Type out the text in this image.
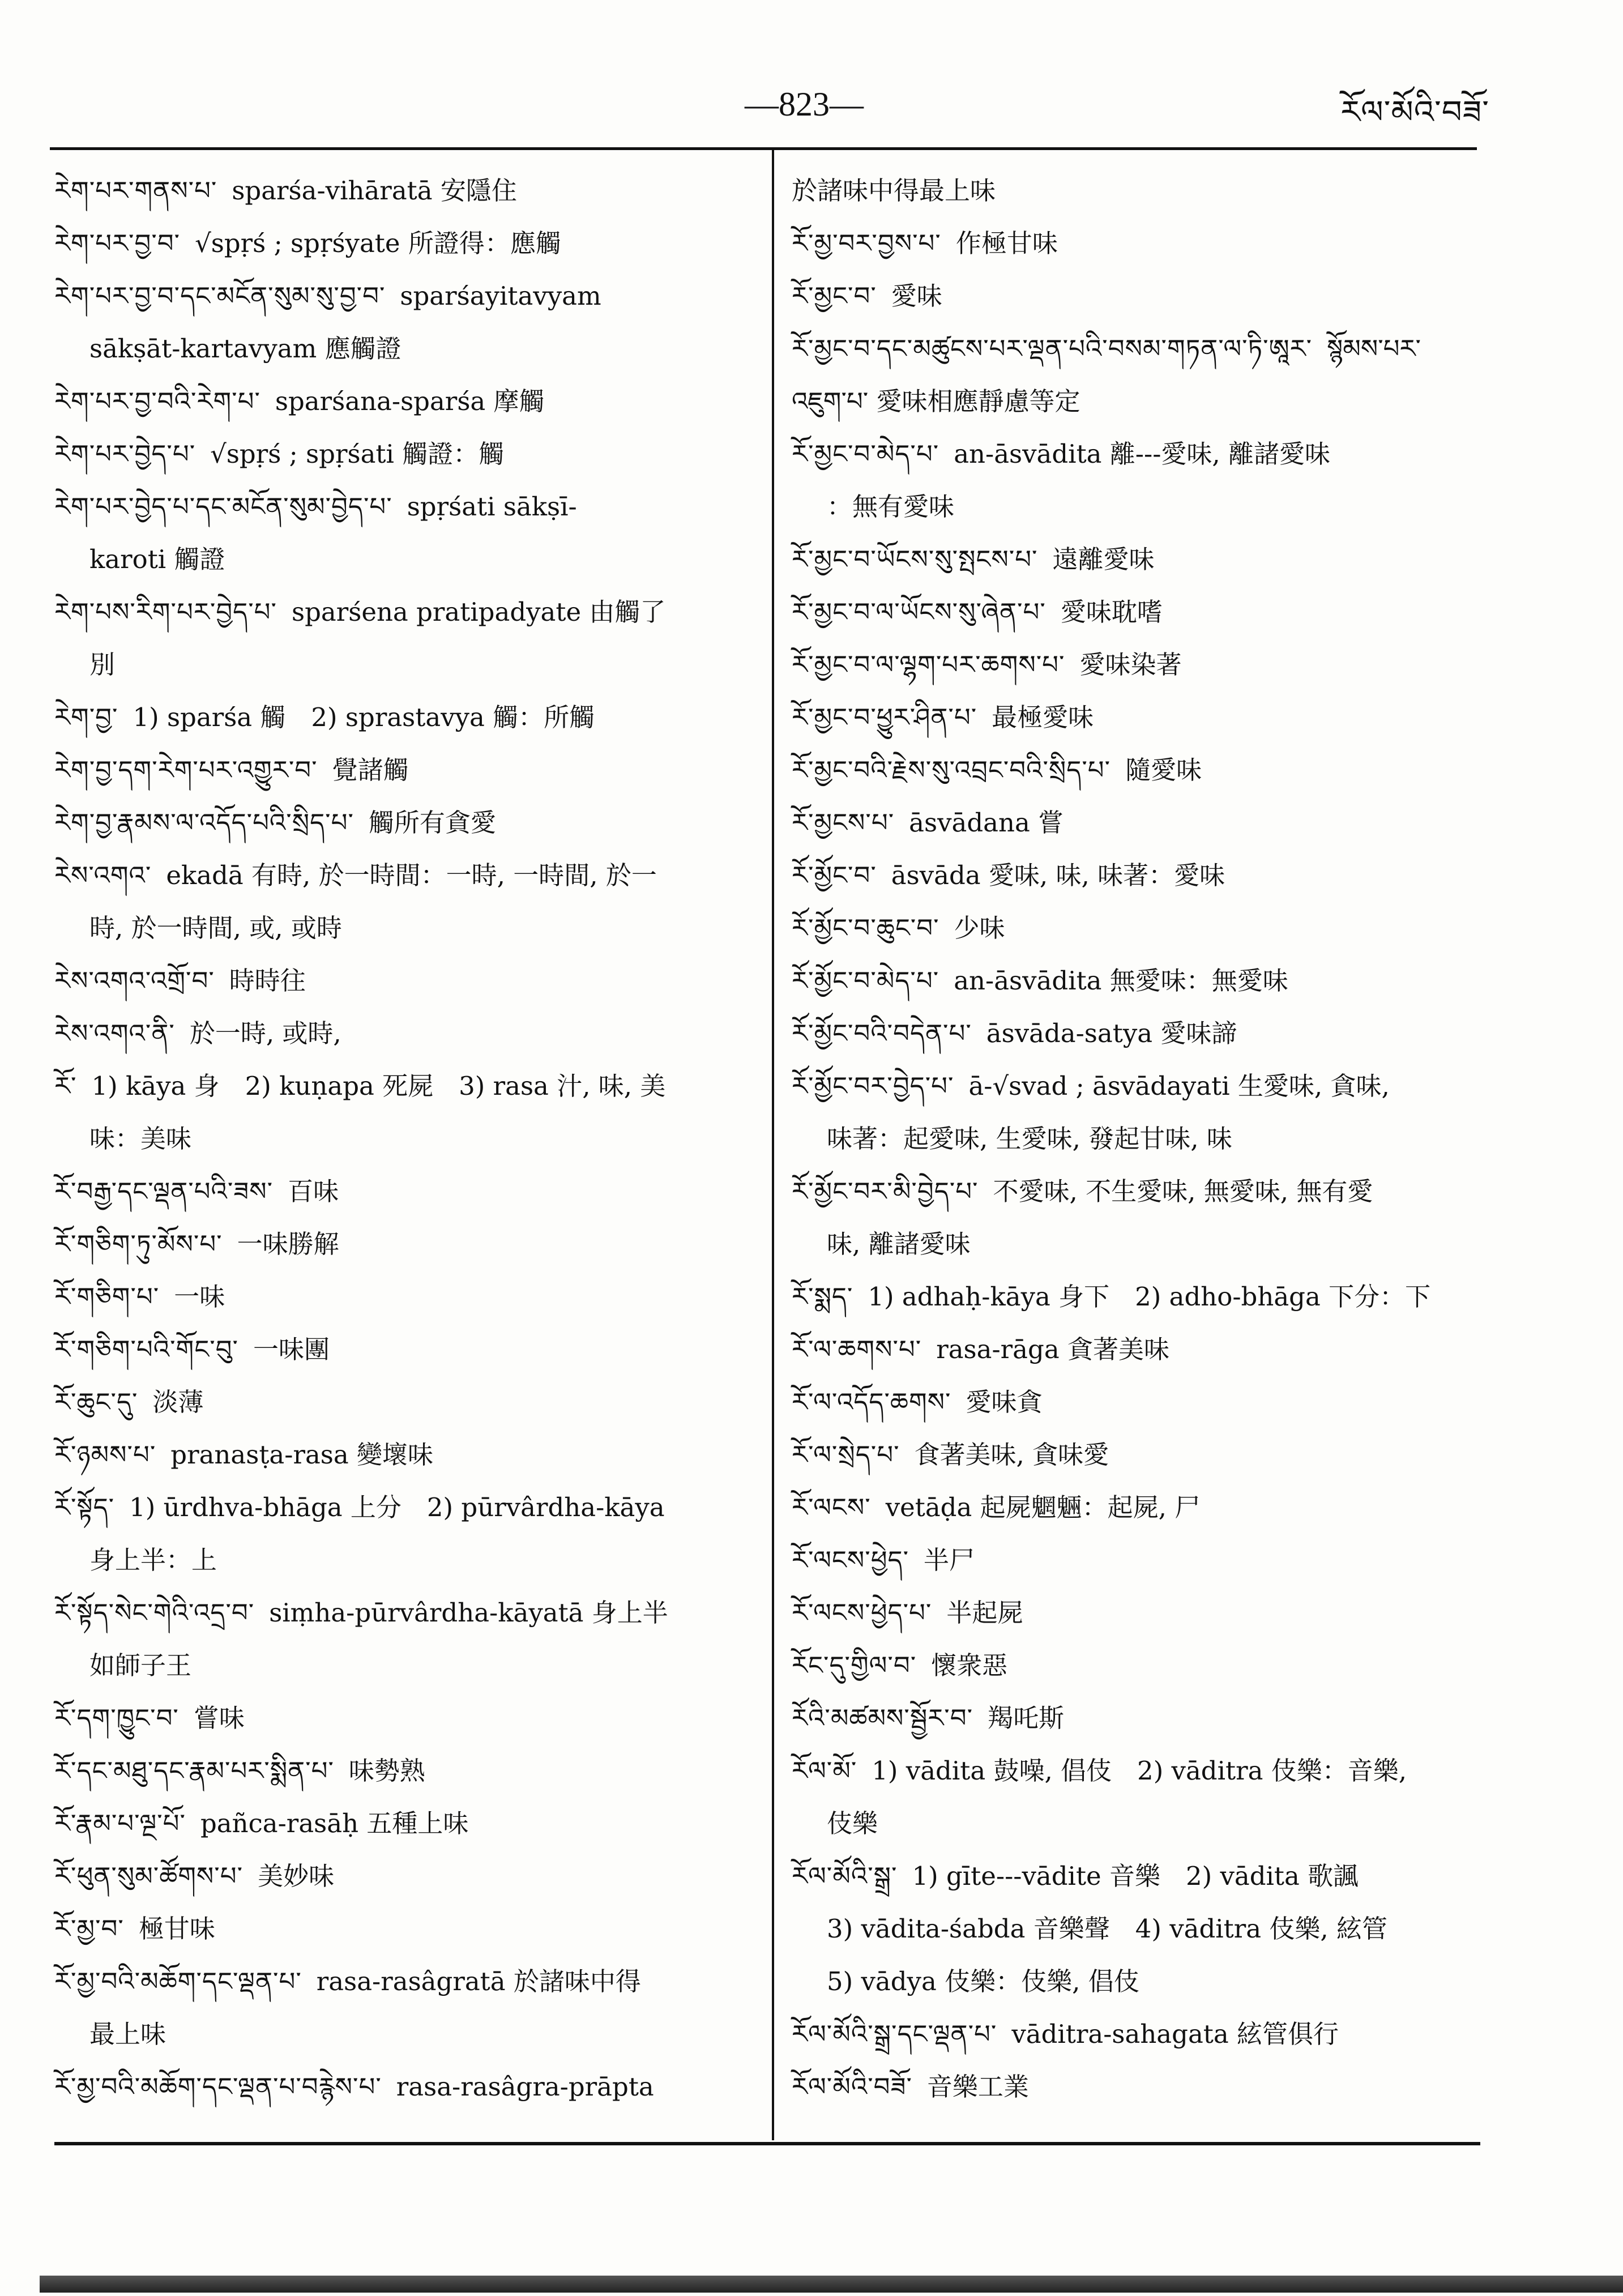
—823—	རོལ་མོའི་བཟོ་
རེག་པར་གནས་པ་ sparśa-vihāratā 安隱住
རེག་པར་བྱ་བ་ √spṛś ; spṛśyate 所證得：應觸
རེག་པར་བྱ་བ་དང་མངོན་སུམ་སུ་བྱ་བ་ sparśayitavyam
sākṣāt-kartavyam 應觸證
རེག་པར་བྱ་བའི་རེག་པ་ sparśana-sparśa 摩觸
རེག་པར་བྱེད་པ་ √spṛś ; spṛśati 觸證：觸
རེག་པར་བྱེད་པ་དང་མངོན་སུམ་བྱེད་པ་ spṛśati sākṣī-
karoti 觸證
རེག་པས་རིག་པར་བྱེད་པ་ sparśena pratipadyate 由觸了
別
རེག་བྱ་ 1) sparśa 觸　2) sprastavya 觸：所觸
རེག་བྱ་དག་རེག་པར་འགྱུར་བ་ 覺諸觸
རེག་བྱ་རྣམས་ལ་འདོད་པའི་སྲིད་པ་ 觸所有貪愛
རེས་འགའ་ ekadā 有時, 於一時間：一時, 一時間, 於一
時, 於一時間, 或, 或時
རེས་འགའ་འགྲོ་བ་ 時時往
རེས་འགའ་ནི་ 於一時, 或時,
རོ་ 1) kāya 身　2) kuṇapa 死屍　3) rasa 汁, 味, 美
味：美味
རོ་བརྒྱ་དང་ལྡན་པའི་ཟས་ 百味
རོ་གཅིག་ཏུ་མོས་པ་ 一味勝解
རོ་གཅིག་པ་ 一味
རོ་གཅིག་པའི་གོང་བུ་ 一味團
རོ་ཆུང་དུ་ 淡薄
རོ་ཉམས་པ་ pranasṭa-rasa 變壞味
རོ་སྟོད་ 1) ūrdhva-bhāga 上分　2) pūrvârdha-kāya
身上半：上
རོ་སྟོད་སེང་གེའི་འདྲ་བ་ siṃha-pūrvârdha-kāyatā 身上半
如師子王
རོ་དག་ཁྱུང་བ་ 嘗味
རོ་དང་མཐུ་དང་རྣམ་པར་སྨིན་པ་ 味勢熟
རོ་རྣམ་པ་ལྔ་པོ་ pañca-rasāḥ 五種上味
རོ་ཕུན་སུམ་ཚོགས་པ་ 美妙味
རོ་མྱ་བ་ 極甘味
རོ་མྱ་བའི་མཆོག་དང་ལྡན་པ་ rasa-rasâgratā 於諸味中得
最上味
རོ་མྱ་བའི་མཆོག་དང་ལྡན་པ་བརྙེས་པ་ rasa-rasâgra-prāpta
於諸味中得最上味
རོ་མྱ་བར་བྱས་པ་ 作極甘味
རོ་མྱང་བ་ 愛味
རོ་མྱང་བ་དང་མཚུངས་པར་ལྡན་པའི་བསམ་གཏན་ལ་ཏི་ཨཱར་ སྙོམས་པར་འཇུག་པ་ 愛味相應靜慮等定
རོ་མྱང་བ་མེད་པ་ an-āsvādita 離---愛味, 離諸愛味
：無有愛味
རོ་མྱང་བ་ཡོངས་སུ་སྤངས་པ་ 遠離愛味
རོ་མྱང་བ་ལ་ཡོངས་སུ་ཞེན་པ་ 愛味耽嗜
རོ་མྱང་བ་ལ་ལྷག་པར་ཆགས་པ་ 愛味染著
རོ་མྱང་བ་ཕྱུར་ཤིན་པ་ 最極愛味
རོ་མྱང་བའི་རྗེས་སུ་འབྲང་བའི་སྲིད་པ་ 隨愛味
རོ་མྱངས་པ་ āsvādana 嘗
རོ་མྱོང་བ་ āsvāda 愛味, 味, 味著：愛味
རོ་མྱོང་བ་ཆུང་བ་ 少味
རོ་མྱོང་བ་མེད་པ་ an-āsvādita 無愛味：無愛味
རོ་མྱོང་བའི་བདེན་པ་ āsvāda-satya 愛味諦
རོ་མྱོང་བར་བྱེད་པ་ ā-√svad ; āsvādayati 生愛味, 貪味,
味著：起愛味, 生愛味, 發起甘味, 味
རོ་མྱོང་བར་མི་བྱེད་པ་ 不愛味, 不生愛味, 無愛味, 無有愛
味, 離諸愛味
རོ་སྨད་ 1) adhaḥ-kāya 身下　2) adho-bhāga 下分：下
རོ་ལ་ཆགས་པ་ rasa-rāga 貪著美味
རོ་ལ་འདོད་ཆགས་ 愛味貪
རོ་ལ་སྲེད་པ་ 食著美味, 貪味愛
རོ་ལངས་ vetāḍa 起屍魍魎：起屍, 尸
རོ་ལངས་ཕྱེད་ 半尸
རོ་ལངས་ཕྱེད་པ་ 半起屍
རོང་དུ་གྱིལ་བ་ 懷衆惡
རོའི་མཚམས་སྦྱོར་བ་ 羯吒斯
རོལ་མོ་ 1) vādita 鼓噪, 倡伎　2) vāditra 伎樂：音樂,
伎樂
རོལ་མོའི་སྒྲ་ 1) gīte---vādite 音樂　2) vādita 歌諷
3) vādita-śabda 音樂聲　4) vāditra 伎樂, 絃管
5) vādya 伎樂：伎樂, 倡伎
རོལ་མོའི་སྒྲ་དང་ལྡན་པ་ vāditra-sahagata 絃管俱行
རོལ་མོའི་བཟོ་ 音樂工業
